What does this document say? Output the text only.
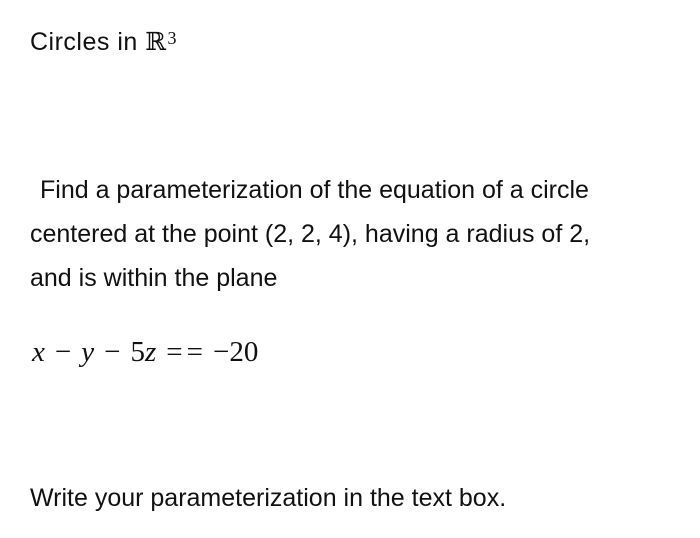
Circles in ℝ$^3$
Find a parameterization of the equation of a circle
centered at the point (2, 2, 4), having a radius of 2,
and is within the plane
x − y − 5z = = −20
Write your parameterization in the text box.
